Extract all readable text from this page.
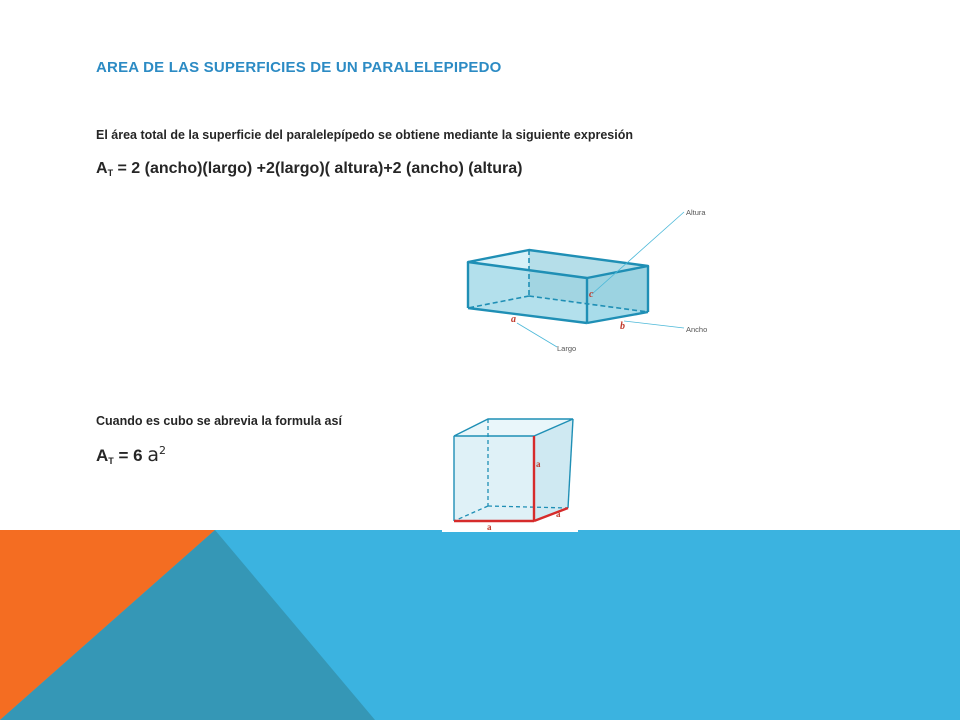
AREA DE LAS SUPERFICIES DE UN PARALELEPIPEDO
El área total de la superficie del paralelepípedo se obtiene mediante la siguiente expresión
$A_T = 2$ (ancho)(largo) +2(largo)( altura)+2 (ancho) (altura)
Altura
Ancho
Largo
a
b
c
Cuando es cubo se abrevia la formula así
$A_T = 6$ $a^2$
a
a
a
